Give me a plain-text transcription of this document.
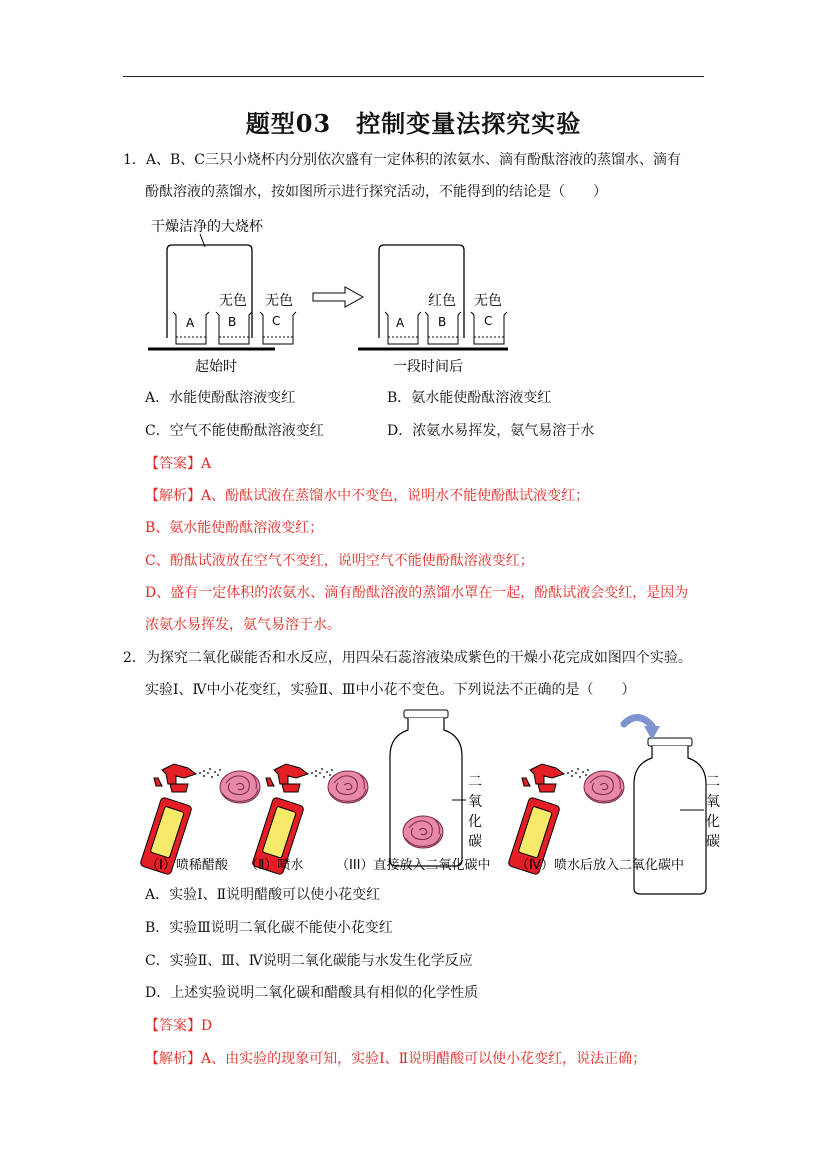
题型03　控制变量法探究实验
1．A、B、C三只小烧杯内分别依次盛有一定体积的浓氨水、滴有酚酞溶液的蒸馏水、滴有
酚酞溶液的蒸馏水，按如图所示进行探究活动，不能得到的结论是（　　）
干燥洁净的大烧杯
A	B	C
无色 无色
起始时
A	B	C
红色 无色
一段时间后
A．水能使酚酞溶液变红	B．氨水能使酚酞溶液变红
C．空气不能使酚酞溶液变红	D．浓氨水易挥发，氨气易溶于水
【答案】A
【解析】A、酚酞试液在蒸馏水中不变色，说明水不能使酚酞试液变红；
B、氨水能使酚酞溶液变红；
C、酚酞试液放在空气不变红，说明空气不能使酚酞溶液变红；
D、盛有一定体积的浓氨水、滴有酚酞溶液的蒸馏水罩在一起，酚酞试液会变红，是因为
浓氨水易挥发，氨气易溶于水。
2．为探究二氧化碳能否和水反应，用四朵石蕊溶液染成紫色的干燥小花完成如图四个实验。
实验Ⅰ、Ⅳ中小花变红，实验Ⅱ、Ⅲ中小花不变色。下列说法不正确的是（　　）
二
氧
化
碳
二
氧
化
碳
（I）喷稀醋酸 （Ⅱ）喷水	（III）直接放入二氧化碳中 （Ⅳ）喷水后放入二氧化碳中
A．实验Ⅰ、Ⅱ说明醋酸可以使小花变红
B．实验Ⅲ说明二氧化碳不能使小花变红
C．实验Ⅱ、Ⅲ、Ⅳ说明二氧化碳能与水发生化学反应
D．上述实验说明二氧化碳和醋酸具有相似的化学性质
【答案】D
【解析】A、由实验的现象可知，实验Ⅰ、Ⅱ说明醋酸可以使小花变红，说法正确；
